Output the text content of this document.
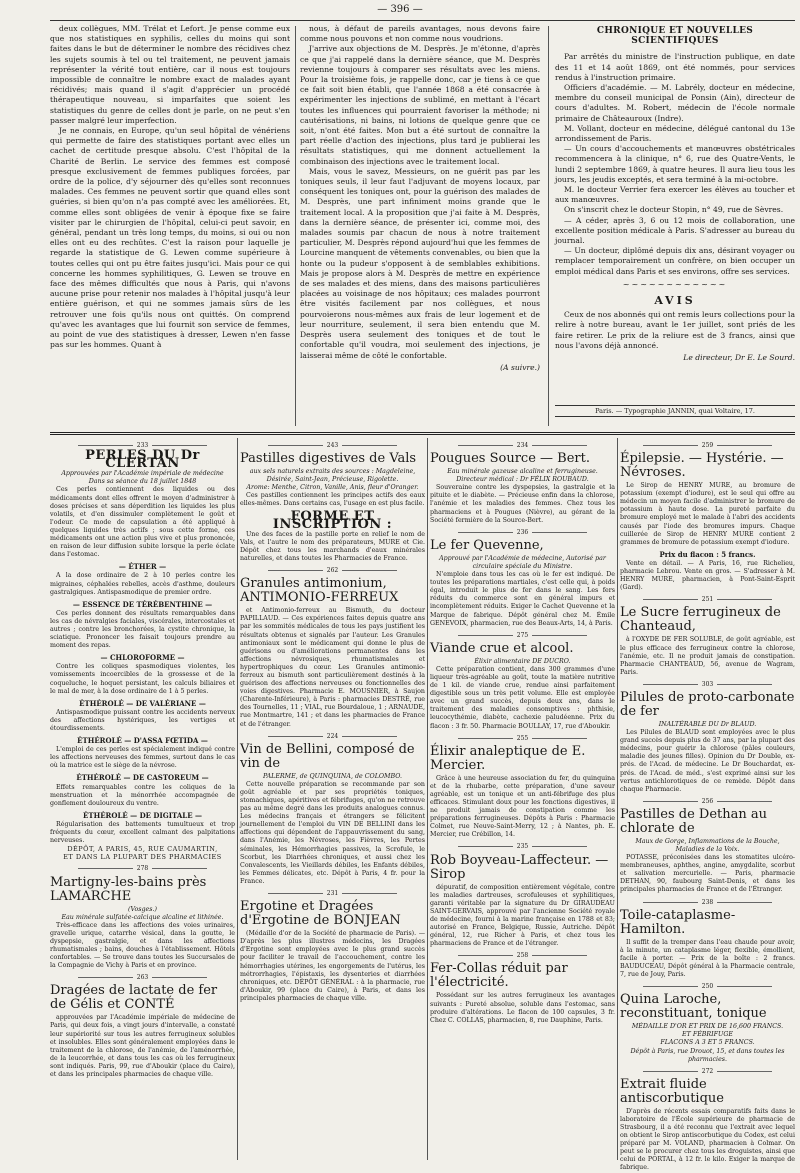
— 396 —

deux collègues, MM. Trélat et Lefort. Je pense comme eux que nos statistiques en syphilis, celles du moins qui sont faites dans le but de déterminer le nombre des récidives chez les sujets soumis à tel ou tel traitement, ne peuvent jamais représenter la vérité tout entière, car il nous est toujours impossible de connaître le nombre exact de malades ayant récidivés; mais quand il s'agit d'apprécier un procédé thérapeutique nouveau, si imparfaites que soient les statistiques du genre de celles dont je parle, on ne peut s'en passer malgré leur imperfection.

Je ne connais, en Europe, qu'un seul hôpital de vénériens qui permette de faire des statistiques portant avec elles un cachet de certitude presque absolu. C'est l'hôpital de la Charité de Berlin. Le service des femmes est composé presque exclusivement de femmes publiques forcées, par ordre de la police, d'y séjourner dès qu'elles sont reconnues malades. Ces femmes ne peuvent sortir que quand elles sont guéries, si bien qu'on n'a pas compté avec les améliorées. Et, comme elles sont obligées de venir à époque fixe se faire visiter par le chirurgien de l'hôpital, celui-ci peut savoir, en général, pendant un très long temps, du moins, si oui ou non elles ont eu des rechûtes. C'est la raison pour laquelle je regarde la statistique de G. Lewen comme supérieure à toutes celles qui ont pu être faites jusqu'ici. Mais pour ce qui concerne les hommes syphilitiques, G. Lewen se trouve en face des mêmes difficultés que nous à Paris, qui n'avons aucune prise pour retenir nos malades à l'hôpital jusqu'à leur entière guérison, et qui ne sommes jamais sûrs de les retrouver une fois qu'ils nous ont quittés. On comprend qu'avec les avantages que lui fournit son service de femmes, au point de vue des statistiques à dresser, Lewen n'en fasse pas sur les hommes. Quant à

nous, à défaut de pareils avantages, nous devons faire comme nous pouvons et non comme nous voudrions.

J'arrive aux objections de M. Desprès. Je m'étonne, d'après ce que j'ai rappelé dans la dernière séance, que M. Desprès revienne toujours à comparer ses résultats avec les miens. Pour la troisième fois, je rappelle donc, car je tiens à ce que ce fait soit bien établi, que l'année 1868 a été consacrée à expérimenter les injections de sublimé, en mettant à l'écart toutes les influences qui pourraient favoriser la méthode; ni cautérisations, ni bains, ni lotions de quelque genre que ce soit, n'ont été faites. Mon but a été surtout de connaître la part réelle d'action des injections, plus tard je publierai les résultats statistiques, qui me donnent actuellement la combinaison des injections avec le traitement local.

Mais, vous le savez, Messieurs, on ne guérit pas par les toniques seuls, il leur faut l'adjuvant de moyens locaux, par conséquent les toniques ont, pour la guérison des malades de M. Desprès, une part infiniment moins grande que le traitement local. A la proposition que j'ai faite à M. Desprès, dans la dernière séance, de présenter ici, comme moi, des malades soumis par chacun de nous à notre traitement particulier, M. Desprès répond aujourd'hui que les femmes de Lourcine manquent de vêtements convenables, ou bien que la honte ou la pudeur s'opposent à de semblables exhibitions. Mais je propose alors à M. Desprès de mettre en expérience de ses malades et des miens, dans des maisons particulières placées au voisinage de nos hôpitaux; ces malades pourront être visités facilement par nos collègues, et nous pourvoierons nous-mêmes aux frais de leur logement et de leur nourriture, seulement, il sera bien entendu que M. Desprès usera seulement des toniques et de tout le confortable qu'il voudra, moi seulement des injections, je laisserai même de côté le confortable.

(A suivre.)
CHRONIQUE ET NOUVELLES SCIENTIFIQUES

Par arrêtés du ministre de l'instruction publique, en date des 11 et 14 août 1869, ont été nommés, pour services rendus à l'instruction primaire.

Officiers d'académie. — M. Labrély, docteur en médecine, membre du conseil municipal de Ponsin (Ain), directeur de cours d'adultes. M. Robert, médecin de l'école normale primaire de Châteauroux (Indre).

M. Vollant, docteur en médecine, délégué cantonal du 13e arrondissement de Paris.

— Un cours d'accouchements et manœuvres obstétricales recommencera à la clinique, n° 6, rue des Quatre-Vents, le lundi 2 septembre 1869, à quatre heures. Il aura lieu tous les jours, les jeudis exceptés, et sera terminé à la mi-octobre.

M. le docteur Verrier fera exercer les élèves au toucher et aux manœuvres.

On s'inscrit chez le docteur Stopin, n° 49, rue de Sèvres.

— A céder, après 3, 6 ou 12 mois de collaboration, une excellente position médicale à Paris. S'adresser au bureau du journal.

— Un docteur, diplômé depuis dix ans, désirant voyager ou remplacer temporairement un confrère, on bien occuper un emploi médical dans Paris et ses environs, offre ses services.

~~~~~~~~~~~~
AVIS

Ceux de nos abonnés qui ont remis leurs collections pour la relire à notre bureau, avant le 1er juillet, sont priés de les faire retirer. Le prix de la reliure est de 3 francs, ainsi que nous l'avons déjà annoncé.

Le directeur, Dr E. Le Sourd.
Paris. — Typographie JANNIN, quai Voltaire, 17.
233
PERLES DU Dr CLERTAN
Approuvées par l'Académie impériale de médecine
Dans sa séance du 18 juillet 1848

Ces perles contiennent des liquides ou des médicaments dont elles offrent le moyen d'administrer à doses précises et sans déperdition les liquides les plus volatils, et d'en dissimuler complètement le goût et l'odeur. Ce mode de capsulation a été appliqué à quelques liquides très actifs ; sous cette forme, ces médicaments ont une action plus vive et plus prononcée, en raison de leur diffusion subite lorsque la perle éclate dans l'estomac.

— ÉTHER —

A la dose ordinaire de 2 à 10 perles contre les migraines, céphalées rebelles, accès d'asthme, douleurs gastralgiques. Antispasmodique de premier ordre.

— ESSENCE DE TÉRÉBENTHINE —

Ces perles donnent des résultats remarquables dans les cas de névralgies faciales, viscérales, intercostales et autres ; contre les bronchorées, la cystite chronique, la sciatique. Prononcer les faisait toujours prendre au moment des repas.

— CHLOROFORME —

Contre les coliques spasmodiques violentes, les vomissements incoercibles de la grossesse et de la coqueluche, le hoquet persistant, les calculs biliaires et le mal de mer, à la dose ordinaire de 1 à 5 perles.

ÉTHÉROLÉ — DE VALÉRIANE —

Antispasmodique puissant contre les accidents nerveux des affections hystériques, les vertiges et étourdissements.

ÉTHÉROLÉ — D'ASSA FŒTIDA —

L'emploi de ces perles est spécialement indiqué contre les affections nerveuses des femmes, surtout dans le cas où la matrice est le siège de la névrose.

ÉTHÉROLÉ — DE CASTOREUM —

Effets remarquables contre les coliques de la menstruation et la ménorrhée accompagnée de gonflement douloureux du ventre.

ÉTHÉROLÉ — DE DIGITALE —

Régularisation des battements tumultueux et trop fréquents du cœur, excellent calmant des palpitations nerveuses.

DÉPÔT, A PARIS, 45, RUE CAUMARTIN,
ET DANS LA PLUPART DES PHARMACIES
278
Martigny-les-bains près LAMARCHE
(Vosges.)
Eau minérale sulfatée-calcique alcaline et lithinée.

Très-efficace dans les affections des voies urinaires, gravelle urique, catarrhe vésical, dans la goutte, le dyspepsie, gastralgie, et dans les affections rhumatismales ; bains, douches à l'établissement. Hôtels confortables. — Se trouve dans toutes les Succursales de la Compagnie de Vichy à Paris et en province.

263
Dragées de lactate de fer de Gélis et CONTÉ

approuvées par l'Académie impériale de médecine de Paris, qui deux fois, a vingt jours d'intervalle, a constaté leur supériorité sur tous les autres ferrugineux solubles et insolubles. Elles sont généralement employées dans le traitement de la chlorose, de l'anémie, de l'aménorrhée, de la leucorrhée, et dans tous les cas où les ferrugineux sont indiqués. Paris, 99, rue d'Aboukir (place du Caire), et dans les principales pharmacies de chaque ville.

243
Pastilles digestives de Vals
aux sels naturels extraits des sources : Magdeleine, Désirée, Saint-Jean, Précieuse, Rigolette.
Arome: Menthe, Citron, Vanille, Anis, fleur d'Oranger.

Ces pastilles contiennent les principes actifs des eaux elles-mêmes. Dans certains cas, l'usage en est plus facile.

FORME ET INSCRIPTION :

Une des faces de la pastille porte en relief le nom de Vals, et l'autre le nom des préparateurs, MURE et Cie. Dépôt chez tous les marchands d'eaux minérales naturelles, et dans toutes les Pharmacies de France.

262
Granules antimonium, ANTIMONIO-FERREUX

et Antimonio-ferreux au Bismuth, du docteur PAPILLAUD. — Ces expériences faites depuis quatre ans par les sommités médicales de tous les pays justifient les résultats obtenus et signalés par l'auteur. Les Granules antimoniaux sont le médicament qui donne le plus de guérisons ou d'améliorations permanentes dans les affections névrosiques, rhumatismales et hypertrophiques du cœur. Les Granules antimonio-ferreux au bismuth sont particulièrement destinés à la guérison des affections nerveuses ou fonctionnelles des voies digestives. Pharmacie E. MOUSNIER, à Saujon (Charente-Inférieure), à Paris : pharmacies DESTRÉ, rue des Tournelles, 11 ; VIAL, rue Bourdaloue, 1 ; ARNAUDE, rue Montmartre, 141 ; et dans les pharmacies de France et de l'étranger.

224
Vin de Bellini, composé de vin de
PALERME, de QUINQUINA, de COLOMBO.

Cette nouvelle préparation se recommande par son goût agréable et par ses propriétés toniques, stomachiques, apéritives et fébrifuges, qu'on ne retrouve pas au même degré dans les produits analogues connus. Les médecins français et étrangers se félicitent journellement de l'emploi du VIN DE BELLINI dans les affections qui dépendent de l'appauvrissement du sang, dans l'Anémie, les Névroses, les Fièvres, les Pertes séminales, les Hémorrhagies passives, la Scrofule, le Scorbut, les Diarrhées chroniques, et aussi chez les Convalescents, les Vieillards débiles, les Enfants débiles, les Femmes délicates, etc. Dépôt à Paris, 4 fr. pour la France.

231
Ergotine et Dragées d'Ergotine de BONJEAN

(Médaille d'or de la Société de pharmacie de Paris). — D'après les plus illustres médecins, les Dragées d'Ergotine sont employées avec le plus grand succès pour faciliter le travail de l'accouchement, contre les hémorrhagies utérines, les engorgements de l'utérus, les métrorrhagies, l'épistaxis, les dysenteries et diarrhées chroniques, etc. DÉPÔT GÉNÉRAL : à la pharmacie, rue d'Aboukir, 99 (place du Caire), à Paris, et dans les principales pharmacies de chaque ville.

234
Pougues Source — Bert.
Eau minérale gazeuse alcaline et ferrugineuse.
Directeur médical : Dr FÉLIX ROUBAUD.

Souveraine contre les dyspepsies, la gastralgie et la pituite et le diabète. — Précieuse enfin dans la chlorose, l'anémie et les maladies des femmes. Chez tous les pharmaciens et à Pougues (Nièvre), au gérant de la Société fermière de la Source-Bert.

236
Le fer Quevenne,
Approuvé par l'Académie de médecine, Autorisé par circulaire spéciale du Ministre.

N'emploie dans tous les cas où le fer est indiqué. De toutes les préparations martiales, c'est celle qui, à poids égal, introduit le plus de fer dans le sang. Les fers réduits du commerce sont en général impurs et incomplètement réduits. Exiger le Cachet Quevenne et la Marque de fabrique. Dépôt général chez M. Émile GENEVOIX, pharmacien, rue des Beaux-Arts, 14, à Paris.

275
Viande crue et alcool.
Élixir alimentaire DE DUCRO.

Cette préparation contient, dans 300 grammes d'une liqueur très-agréable au goût, toute la matière nutritive de 1 kil. de viande crue, rendue ainsi parfaitement digestible sous un très petit volume. Elle est employée avec un grand succès, depuis deux ans, dans le traitement des maladies consomptives : phthisie, leucocythémie, diabète, cachexie paludéenne. Prix du flacon : 3 fr. 50. Pharmacie BOULLAY, 17, rue d'Aboukir.

255
Élixir analeptique de E. Mercier.

Grâce à une heureuse association du fer, du quinquina et de la rhubarbe, cette préparation, d'une saveur agréable, est un tonique et un anti-fébrifuge des plus efficaces. Stimulant doux pour les fonctions digestives, il ne produit jamais de constipation comme les préparations ferrugineuses. Dépôts à Paris : Pharmacie Colmet, rue Neuve-Saint-Merry, 12 ; à Nantes, ph. E. Mercier, rue Crébillon, 14.

235
Rob Boyveau-Laffecteur. — Sirop

dépuratif, de composition entièrement végétale, contre les maladies dartreuses, scrofuleuses et syphilitiques, garanti véritable par la signature du Dr GIRAUDEAU SAINT-GERVAIS, approuvé par l'ancienne Société royale de médecine, fourni à la marine française en 1788 et 83; autorisé en France, Belgique, Russie, Autriche. Dépôt général, 12, rue Richer à Paris, et chez tous les pharmaciens de France et de l'étranger.

258
Fer-Collas réduit par l'électricité.

Possédant sur les autres ferrugineux les avantages suivants : Pureté absolue, soluble dans l'estomac, sans produire d'altérations. Le flacon de 100 capsules, 3 fr. Chez C. COLLAS, pharmacien, 8, rue Dauphine, Paris.

259
Épilepsie. — Hystérie. — Névroses.

Le Sirop de HENRY MURE, au bromure de potassium (exempt d'iodure), est le seul qui offre au médecin un moyen facile d'administrer le bromure de potassium à haute dose. La pureté parfaite du bromure employé met le malade à l'abri des accidents causés par l'iode des bromures impurs. Chaque cuillerée de Sirop de HENRY MURE contient 2 grammes de bromure de potassium exempt d'iodure.

Prix du flacon : 5 francs.

Vente en détail. — A Paris, 16, rue Richelieu, pharmacie Lebrou. Vente en gros. — S'adresser à M. HENRY MURE, pharmacien, à Pont-Saint-Esprit (Gard).

251
Le Sucre ferrugineux de Chanteaud,

à l'OXYDE DE FER SOLUBLE, de goût agréable, est le plus efficace des ferrugineux contre la chlorose, l'anémie, etc. Il ne produit jamais de constipation. Pharmacie CHANTEAUD, 56, avenue de Wagram, Paris.

303
Pilules de proto-carbonate de fer
INALTÉRABLE DU Dr BLAUD.

Les Pilules de BLAUD sont employées avec le plus grand succès depuis plus de 37 ans, par la plupart des médecins, pour guérir la chlorose (pâles couleurs, maladie des jeunes filles). Opinion du Dr Double, ex-prés. de l'Acad. de médecine. Le Dr Bouchardat, ex-prés. de l'Acad. de méd., s'est exprimé ainsi sur les vertus antichlorotiques de ce remède. Dépôt dans chaque Pharmacie.

256
Pastilles de Dethan au chlorate de
Maux de Gorge, Inflammations de la Bouche, Maladies de la Voix.

POTASSE, préconisées dans les stomatites ulcéro-membraneuses, aphthes, angine, amygdalite, scorbut et salivation mercurielle. — Paris, pharmacie DETHAN, 90, faubourg Saint-Denis, et dans les principales pharmacies de France et de l'Étranger.

238
Toile-cataplasme-Hamilton.

Il suffit de la tremper dans l'eau chaude pour avoir, à la minute, un cataplasme léger, flexible, émollient, facile à porter. — Prix de la boîte : 2 francs. BAUDUCEAU, Dépôt général à la Pharmacie centrale, 7, rue de Jouy, Paris.

250
Quina Laroche, reconstituant, tonique
MÉDAILLE D'OR ET PRIX DE 16,600 FRANCS.
ET FÉBRIFUGE
FLACONS A 3 ET 5 FRANCS.
Dépôt à Paris, rue Drouot, 15, et dans toutes les pharmacies.
272
Extrait fluide antiscorbutique

D'après de récents essais comparatifs faits dans le laboratoire de l'École supérieure de pharmacie de Strasbourg, il a été reconnu que l'extrait avec lequel on obtient le Sirop antiscorbutique du Codex, est celui préparé par M. VOLAND, pharmacien à Colmar. On peut se le procurer chez tous les droguistes, ainsi que celui de PORTAL, à 12 fr. le kilo. Exiger la marque de fabrique.
